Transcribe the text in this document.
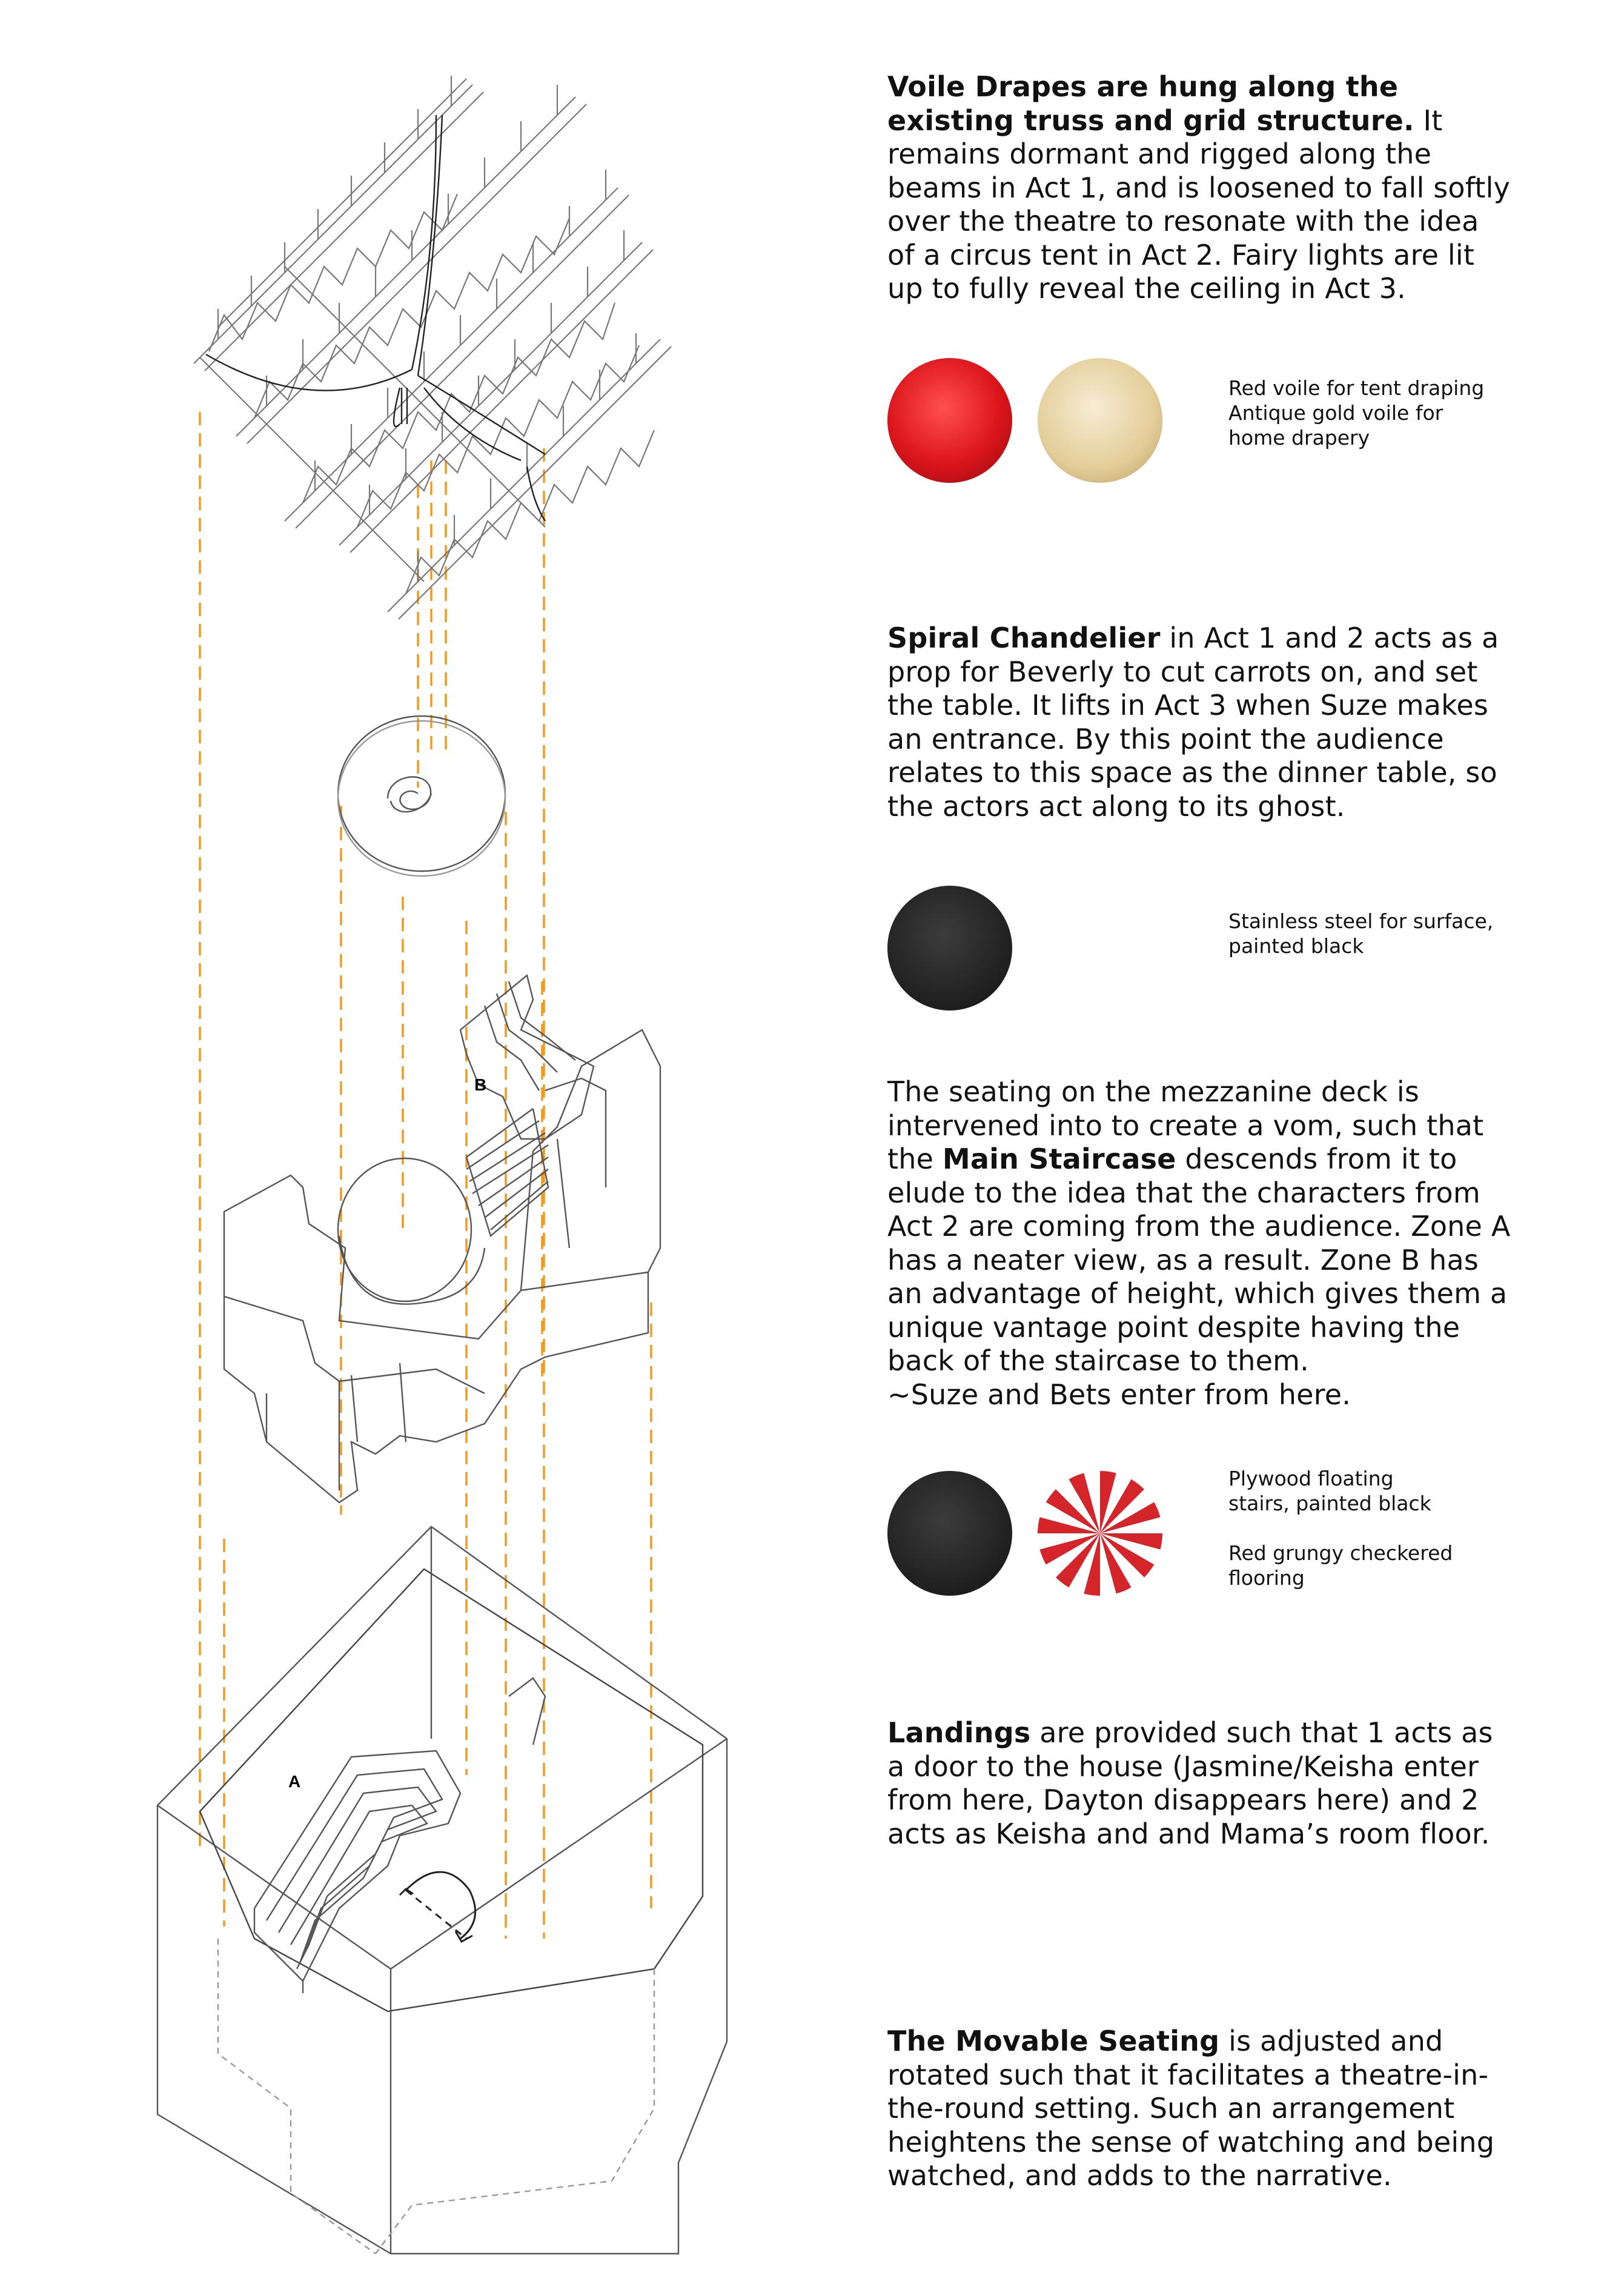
B
A
Voile Drapes are hung along the existing truss and grid structure. It remains dormant and rigged along the beams in Act 1, and is loosened to fall softly over the theatre to resonate with the idea of a circus tent in Act 2. Fairy lights are lit up to fully reveal the ceiling in Act 3.
Red voile for tent draping
Antique gold voile for
home drapery
Spiral Chandelier in Act 1 and 2 acts as a prop for Beverly to cut carrots on, and set the table. It lifts in Act 3 when Suze makes an entrance. By this point the audience relates to this space as the dinner table, so the actors act along to its ghost.
Stainless steel for surface,
painted black
The seating on the mezzanine deck is intervened into to create a vom, such that the Main Staircase descends from it to elude to the idea that the characters from Act 2 are coming from the audience. Zone A has a neater view, as a result. Zone B has an advantage of height, which gives them a unique vantage point despite having the back of the staircase to them.
~Suze and Bets enter from here.
Plywood floating
stairs, painted black
Red grungy checkered
flooring
Landings are provided such that 1 acts as a door to the house (Jasmine/Keisha enter from here, Dayton disappears here) and 2 acts as Keisha and and Mama’s room floor.
The Movable Seating is adjusted and rotated such that it facilitates a theatre-in-the-round setting. Such an arrangement heightens the sense of watching and being watched, and adds to the narrative.
